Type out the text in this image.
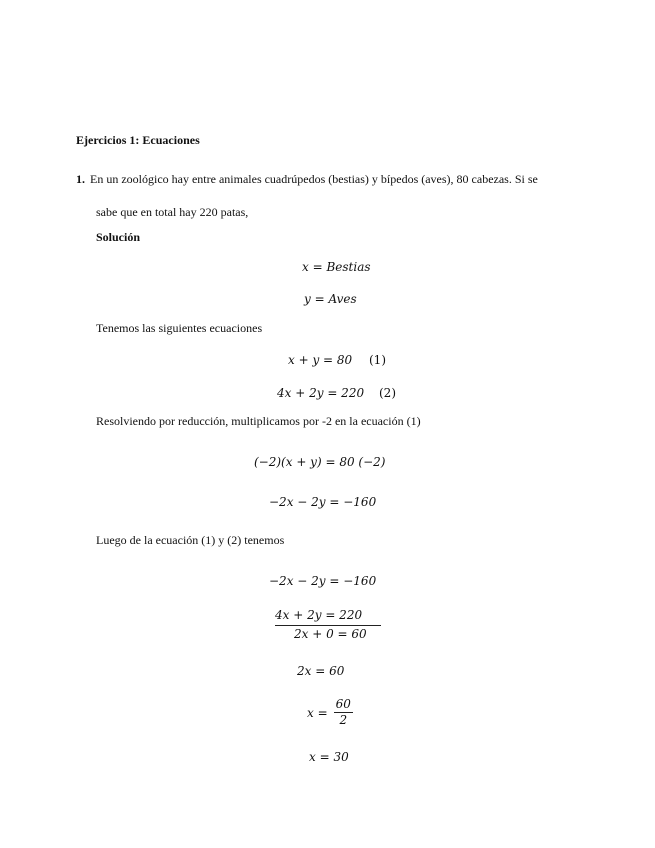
Ejercicios 1: Ecuaciones
1. En un zoológico hay entre animales cuadrúpedos (bestias) y bípedos (aves), 80 cabezas. Si se
sabe que en total hay 220 patas,
Solución
x = Bestias
y = Aves
Tenemos las siguientes ecuaciones
x + y = 80 (1)
4x + 2y = 220 (2)
Resolviendo por reducción, multiplicamos por -2 en la ecuación (1)
(−2)(x + y) = 80 (−2)
−2x − 2y = −160
Luego de la ecuación (1) y (2) tenemos
−2x − 2y = −160
4x + 2y = 220
2x + 0 = 60
2x = 60
$x = \frac{60}{2}$
x = 30
